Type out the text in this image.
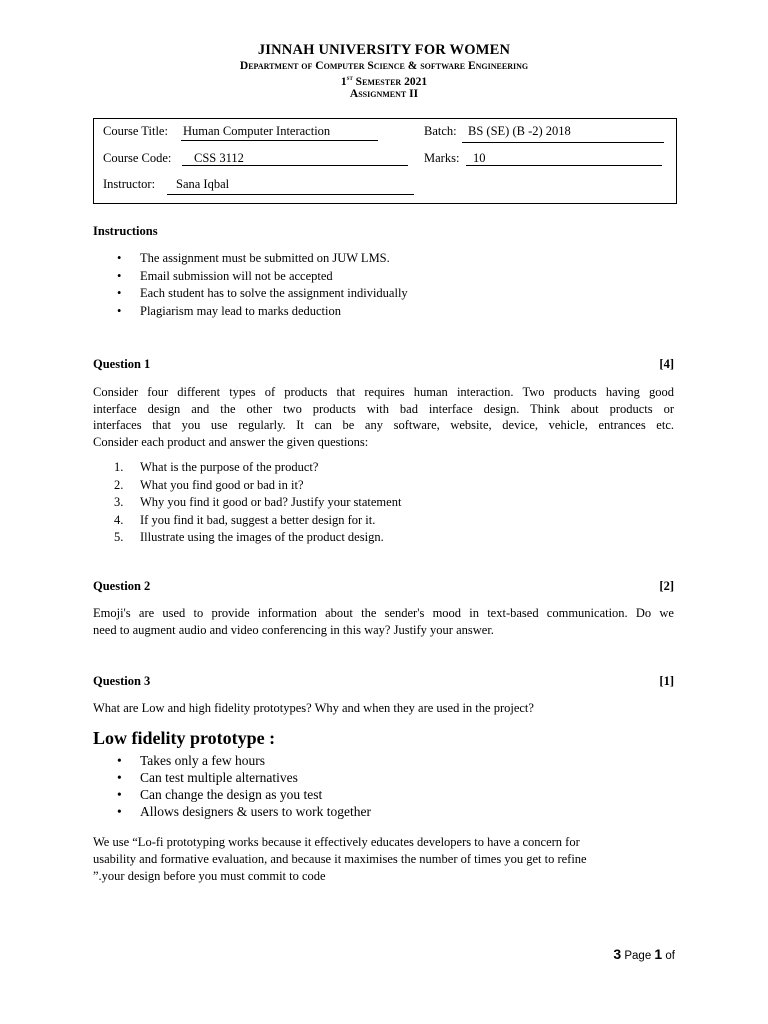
JINNAH UNIVERSITY FOR WOMEN
Department of Computer Science & software Engineering
1st Semester 2021
Assignment II
Course Title: Human Computer Interaction	Batch: BS (SE) (B -2) 2018
Course Code: CSS 3112	Marks: 10
Instructor: Sana Iqbal
Instructions
• The assignment must be submitted on JUW LMS.
• Email submission will not be accepted
• Each student has to solve the assignment individually
• Plagiarism may lead to marks deduction
Question 1	[4]
Consider four different types of products that requires human interaction. Two products having good
interface design and the other two products with bad interface design. Think about products or
interfaces that you use regularly. It can be any software, website, device, vehicle, entrances etc.
Consider each product and answer the given questions:
1. What is the purpose of the product?
2. What you find good or bad in it?
3. Why you find it good or bad? Justify your statement
4. If you find it bad, suggest a better design for it.
5. Illustrate using the images of the product design.
Question 2	[2]
Emoji's are used to provide information about the sender's mood in text-based communication. Do we
need to augment audio and video conferencing in this way? Justify your answer.
Question 3	[1]
What are Low and high fidelity prototypes? Why and when they are used in the project?
Low fidelity prototype :
• Takes only a few hours
• Can test multiple alternatives
• Can change the design as you test
• Allows designers & users to work together
We use “Lo-fi prototyping works because it effectively educates developers to have a concern for
usability and formative evaluation, and because it maximises the number of times you get to refine
”.your design before you must commit to code
3 Page 1 of
